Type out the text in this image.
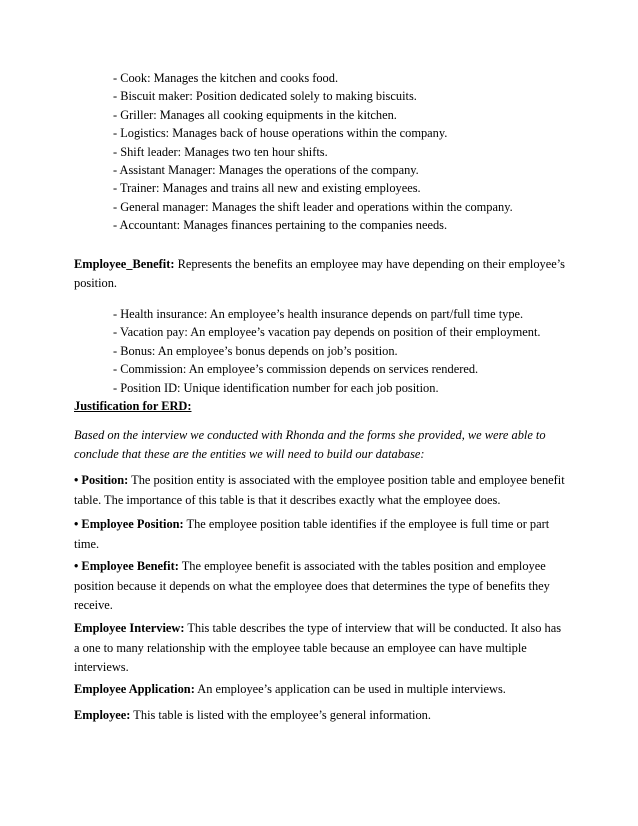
- Cook: Manages the kitchen and cooks food.
- Biscuit maker: Position dedicated solely to making biscuits.
- Griller: Manages all cooking equipments in the kitchen.
- Logistics: Manages back of house operations within the company.
- Shift leader: Manages two ten hour shifts.
- Assistant Manager: Manages the operations of the company.
- Trainer: Manages and trains all new and existing employees.
- General manager: Manages the shift leader and operations within the company.
- Accountant: Manages finances pertaining to the companies needs.
Employee_Benefit: Represents the benefits an employee may have depending on their employee’s position.
- Health insurance: An employee’s health insurance depends on part/full time type.
- Vacation pay: An employee’s vacation pay depends on position of their employment.
- Bonus: An employee’s bonus depends on job’s position.
- Commission: An employee’s commission depends on services rendered.
- Position ID: Unique identification number for each job position.
Justification for ERD:
Based on the interview we conducted with Rhonda and the forms she provided, we were able to conclude that these are the entities we will need to build our database:
• Position: The position entity is associated with the employee position table and employee benefit table. The importance of this table is that it describes exactly what the employee does.
• Employee Position: The employee position table identifies if the employee is full time or part time.
• Employee Benefit: The employee benefit is associated with the tables position and employee position because it depends on what the employee does that determines the type of benefits they receive.
Employee Interview: This table describes the type of interview that will be conducted. It also has a one to many relationship with the employee table because an employee can have multiple interviews.
Employee Application: An employee’s application can be used in multiple interviews.
Employee: This table is listed with the employee’s general information.
